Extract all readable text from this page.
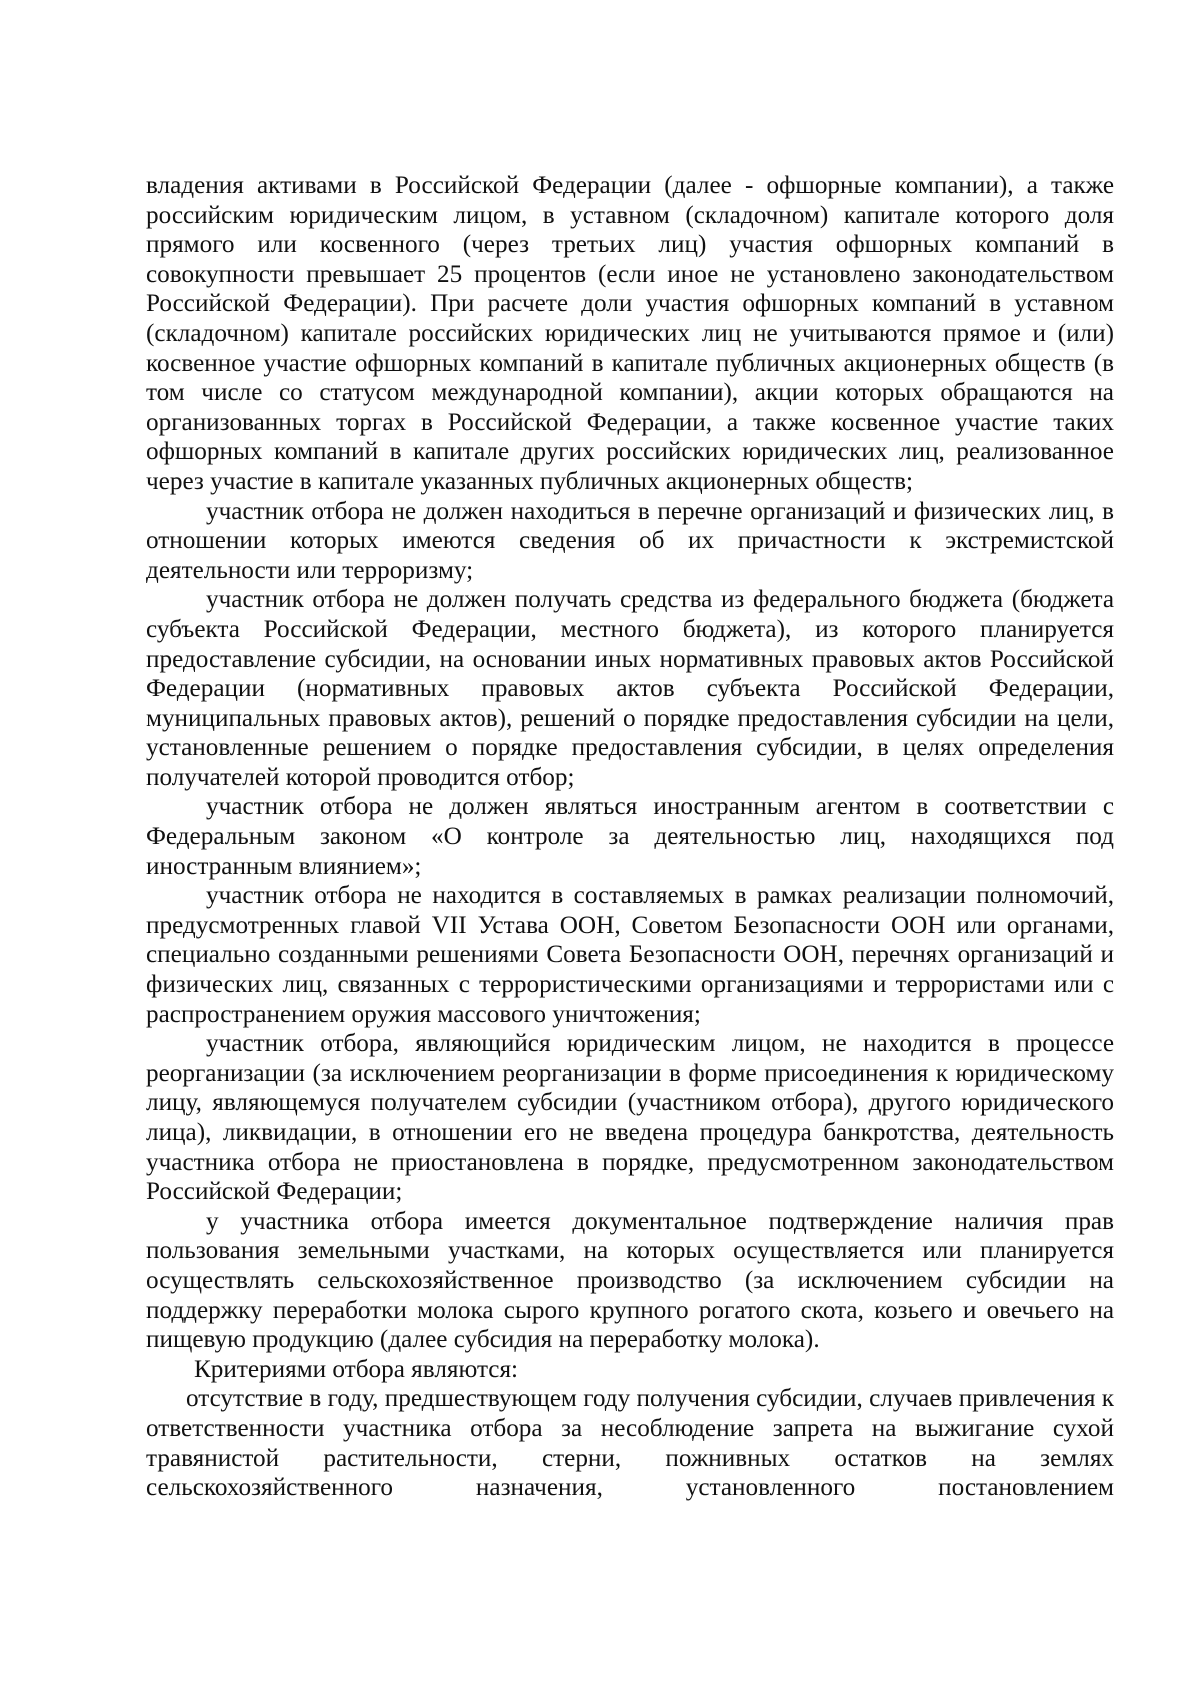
владения активами в Российской Федерации (далее - офшорные компании), а также российским юридическим лицом, в уставном (складочном) капитале которого доля прямого или косвенного (через третьих лиц) участия офшорных компаний в совокупности превышает 25 процентов (если иное не установлено законодательством Российской Федерации). При расчете доли участия офшорных компаний в уставном (складочном) капитале российских юридических лиц не учитываются прямое и (или) косвенное участие офшорных компаний в капитале публичных акционерных обществ (в том числе со статусом международной компании), акции которых обращаются на организованных торгах в Российской Федерации, а также косвенное участие таких офшорных компаний в капитале других российских юридических лиц, реализованное через участие в капитале указанных публичных акционерных обществ;

участник отбора не должен находиться в перечне организаций и физических лиц, в отношении которых имеются сведения об их причастности к экстремистской деятельности или терроризму;

участник отбора не должен получать средства из федерального бюджета (бюджета субъекта Российской Федерации, местного бюджета), из которого планируется предоставление субсидии, на основании иных нормативных правовых актов Российской Федерации (нормативных правовых актов субъекта Российской Федерации, муниципальных правовых актов), решений о порядке предоставления субсидии на цели, установленные решением о порядке предоставления субсидии, в целях определения получателей которой проводится отбор;

участник отбора не должен являться иностранным агентом в соответствии с Федеральным законом «О контроле за деятельностью лиц, находящихся под иностранным влиянием»;

участник отбора не находится в составляемых в рамках реализации полномочий, предусмотренных главой VII Устава ООН, Советом Безопасности ООН или органами, специально созданными решениями Совета Безопасности ООН, перечнях организаций и физических лиц, связанных с террористическими организациями и террористами или с распространением оружия массового уничтожения;

участник отбора, являющийся юридическим лицом, не находится в процессе реорганизации (за исключением реорганизации в форме присоединения к юридическому лицу, являющемуся получателем субсидии (участником отбора), другого юридического лица), ликвидации, в отношении его не введена процедура банкротства, деятельность участника отбора не приостановлена в порядке, предусмотренном законодательством Российской Федерации;

у участника отбора имеется документальное подтверждение наличия прав пользования земельными участками, на которых осуществляется или планируется осуществлять сельскохозяйственное производство (за исключением субсидии на поддержку переработки молока сырого крупного рогатого скота, козьего и овечьего на пищевую продукцию (далее субсидия на переработку молока).

Критериями отбора являются:

отсутствие в году, предшествующем году получения субсидии, случаев привлечения к ответственности участника отбора за несоблюдение запрета на выжигание сухой травянистой растительности, стерни, пожнивных остатков на землях сельскохозяйственного назначения, установленного постановлением
